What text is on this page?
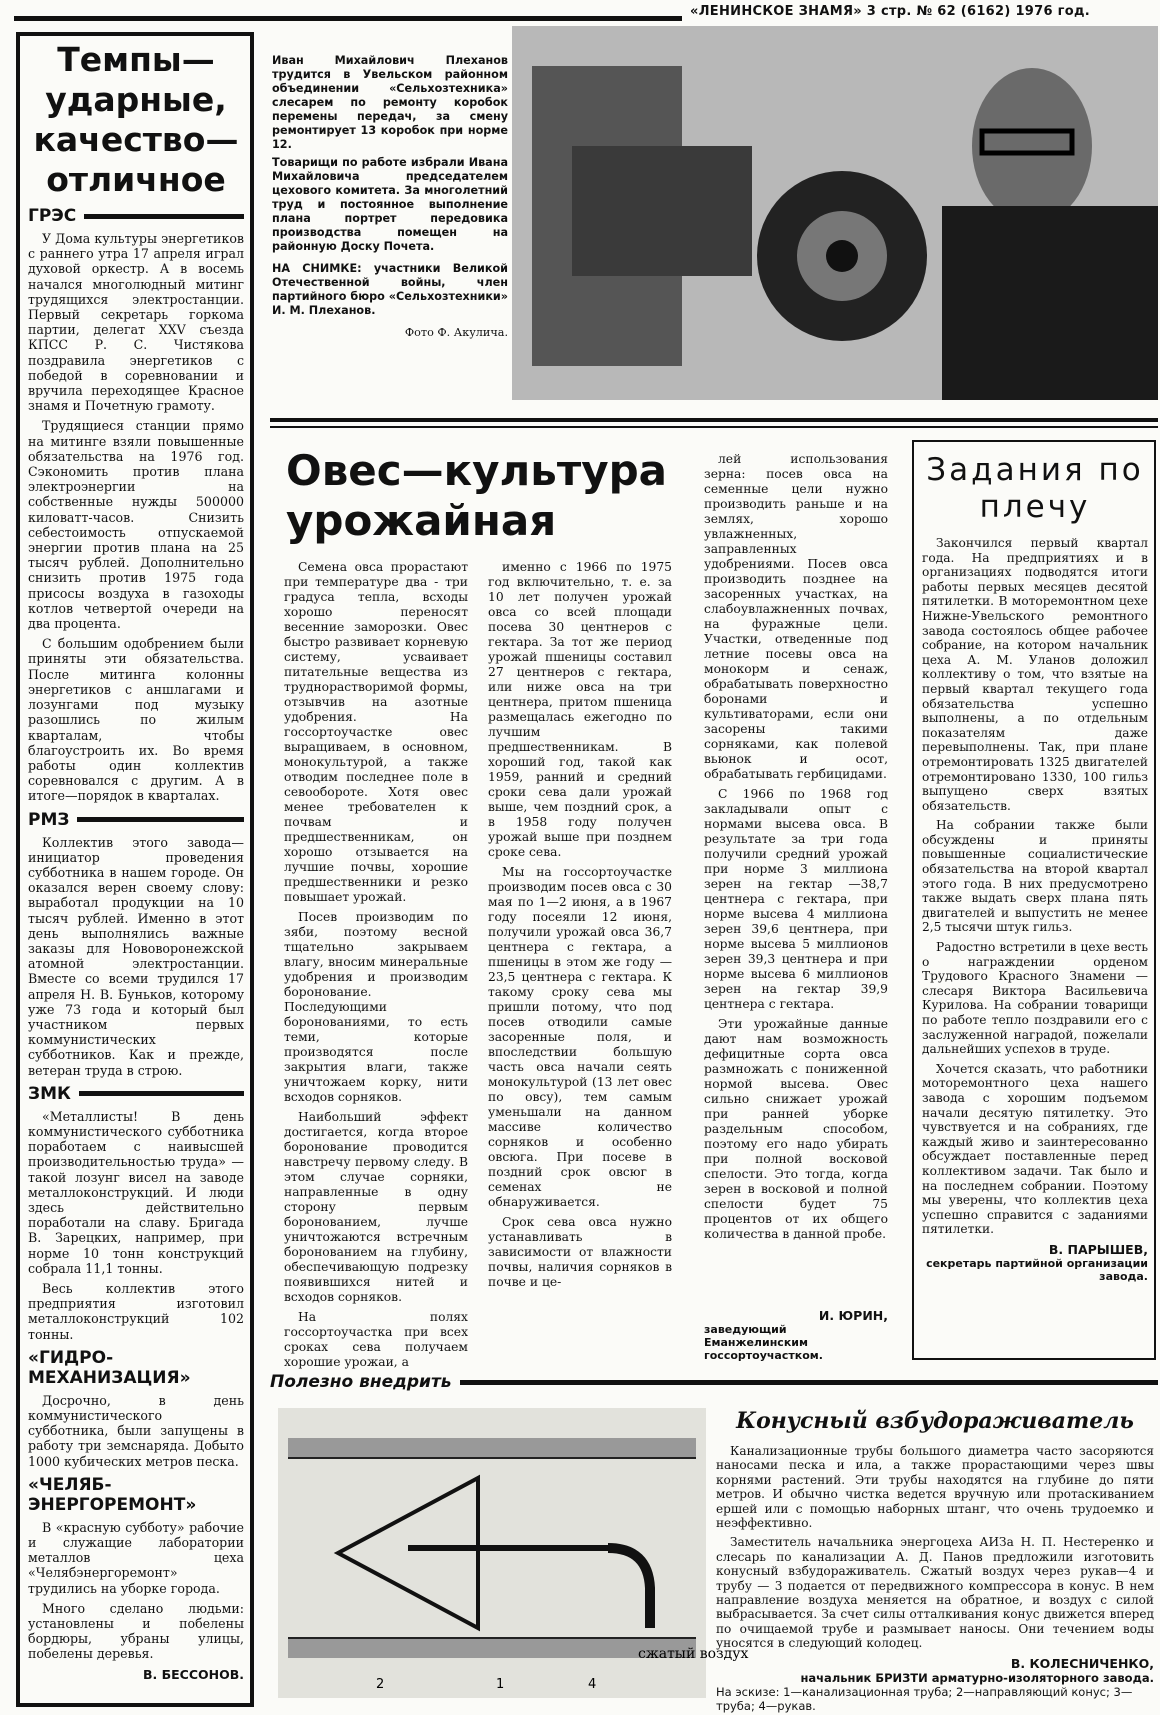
«ЛЕНИНСКОЕ ЗНАМЯ» 3 стр. № 62 (6162) 1976 год.
Темпы— ударные, качество— отличное
ГРЭС

У Дома культуры энергетиков с раннего утра 17 апреля играл духовой оркестр. А в восемь начался многолюдный митинг трудящихся электростанции. Первый секретарь горкома партии, делегат XXV съезда КПСС Р. С. Чистякова поздравила энергетиков с победой в соревновании и вручила переходящее Красное знамя и Почетную грамоту.

Трудящиеся станции прямо на митинге взяли повышенные обязательства на 1976 год. Сэкономить против плана электроэнергии на собственные нужды 500000 киловатт-часов. Снизить себестоимость отпускаемой энергии против плана на 25 тысяч рублей. Дополнительно снизить против 1975 года присосы воздуха в газоходы котлов четвертой очереди на два процента.

С большим одобрением были приняты эти обязательства. После митинга колонны энергетиков с аншлагами и лозунгами под музыку разошлись по жилым кварталам, чтобы благоустроить их. Во время работы один коллектив соревновался с другим. А в итоге—порядок в кварталах.

РМЗ

Коллектив этого завода— инициатор проведения субботника в нашем городе. Он оказался верен своему слову: выработал продукции на 10 тысяч рублей. Именно в этот день выполнялись важные заказы для Нововоронежской атомной электростанции. Вместе со всеми трудился 17 апреля Н. В. Буньков, которому уже 73 года и который был участником первых коммунистических субботников. Как и прежде, ветеран труда в строю.

ЗМК

«Металлисты! В день коммунистического субботника поработаем с наивысшей производительностью труда» — такой лозунг висел на заводе металлоконструкций. И люди здесь действительно поработали на славу. Бригада В. Зарецких, например, при норме 10 тонн конструкций собрала 11,1 тонны.

Весь коллектив этого предприятия изготовил металлоконструкций 102 тонны.

«ГИДРО- МЕХАНИЗАЦИЯ»

Досрочно, в день коммунистического субботника, были запущены в работу три земснаряда. Добыто 1000 кубических метров песка.

«ЧЕЛЯБ- ЭНЕРГОРЕМОНТ»

В «красную субботу» рабочие и служащие лаборатории металлов цеха «Челябэнергоремонт» трудились на уборке города.

Много сделано людьми: установлены и побелены бордюры, убраны улицы, побелены деревья.

В. БЕССОНОВ.

Иван Михайлович Плеханов трудится в Увельском районном объединении «Сельхозтехника» слесарем по ремонту коробок перемены передач, за смену ремонтирует 13 коробок при норме 12.

Товарищи по работе избрали Ивана Михайловича председателем цехового комитета. За многолетний труд и постоянное выполнение плана портрет передовика производства помещен на районную Доску Почета.

НА СНИМКЕ: участники Великой Отечественной войны, член партийного бюро «Сельхозтехники» И. М. Плеханов.

Фото Ф. Акулича.
Овес—культура урожайная

Семена овса прорастают при температуре два - три градуса тепла, всходы хорошо переносят весенние заморозки. Овес быстро развивает корневую систему, усваивает питательные вещества из труднорастворимой формы, отзывчив на азотные удобрения. На госсортоучастке овес выращиваем, в основном, монокультурой, а также отводим последнее поле в севообороте. Хотя овес менее требователен к почвам и предшественникам, он хорошо отзывается на лучшие почвы, хорошие предшественники и резко повышает урожай.

Посев производим по зяби, поэтому весной тщательно закрываем влагу, вносим минеральные удобрения и производим боронование. Последующими боронованиями, то есть теми, которые производятся после закрытия влаги, также уничтожаем корку, нити всходов сорняков.

Наибольший эффект достигается, когда второе боронование проводится навстречу первому следу. В этом случае сорняки, направленные в одну сторону первым боронованием, лучше уничтожаются встречным боронованием на глубину, обеспечивающую подрезку появившихся нитей и всходов сорняков.

На полях госсортоучастка при всех сроках сева получаем хорошие урожаи, а

именно с 1966 по 1975 год включительно, т. е. за 10 лет получен урожай овса со всей площади посева 30 центнеров с гектара. За тот же период урожай пшеницы составил 27 центнеров с гектара, или ниже овса на три центнера, притом пшеница размещалась ежегодно по лучшим предшественникам. В хороший год, такой как 1959, ранний и средний сроки сева дали урожай выше, чем поздний срок, а в 1958 году получен урожай выше при позднем сроке сева.

Мы на госсортоучастке производим посев овса с 30 мая по 1—2 июня, а в 1967 году посеяли 12 июня, получили урожай овса 36,7 центнера с гектара, а пшеницы в этом же году — 23,5 центнера с гектара. К такому сроку сева мы пришли потому, что под посев отводили самые засоренные поля, и впоследствии большую часть овса начали сеять монокультурой (13 лет овес по овсу), тем самым уменьшали на данном массиве количество сорняков и особенно овсюга. При посеве в поздний срок овсюг в семенах не обнаруживается.

Срок сева овса нужно устанавливать в зависимости от влажности почвы, наличия сорняков в почве и це-

лей использования зерна: посев овса на семенные цели нужно производить раньше и на землях, хорошо увлажненных, заправленных удобрениями. Посев овса производить позднее на засоренных участках, на слабоувлажненных почвах, на фуражные цели. Участки, отведенные под летние посевы овса на монокорм и сенаж, обрабатывать поверхностно боронами и культиваторами, если они засорены такими сорняками, как полевой вьюнок и осот, обрабатывать гербицидами.

С 1966 по 1968 год закладывали опыт с нормами высева овса. В результате за три года получили средний урожай при норме 3 миллиона зерен на гектар —38,7 центнера с гектара, при норме высева 4 миллиона зерен 39,6 центнера, при норме высева 5 миллионов зерен 39,3 центнера и при норме высева 6 миллионов зерен на гектар 39,9 центнера с гектара.

Эти урожайные данные дают нам возможность дефицитные сорта овса размножать с пониженной нормой высева. Овес сильно снижает урожай при ранней уборке раздельным способом, поэтому его надо убирать при полной восковой спелости. Это тогда, когда зерен в восковой и полной спелости будет 75 процентов от их общего количества в данной пробе.

И. ЮРИН,
заведующий Еманжелинским госсортоучастком.
Задания по плечу

Закончился первый квартал года. На предприятиях и в организациях подводятся итоги работы первых месяцев десятой пятилетки. В моторемонтном цехе Нижне-Увельского ремонтного завода состоялось общее рабочее собрание, на котором начальник цеха А. М. Уланов доложил коллективу о том, что взятые на первый квартал текущего года обязательства успешно выполнены, а по отдельным показателям даже перевыполнены. Так, при плане отремонтировать 1325 двигателей отремонтировано 1330, 100 гильз выпущено сверх взятых обязательств.

На собрании также были обсуждены и приняты повышенные социалистические обязательства на второй квартал этого года. В них предусмотрено также выдать сверх плана пять двигателей и выпустить не менее 2,5 тысячи штук гильз.

Радостно встретили в цехе весть о награждении орденом Трудового Красного Знамени — слесаря Виктора Васильевича Курилова. На собрании товарищи по работе тепло поздравили его с заслуженной наградой, пожелали дальнейших успехов в труде.

Хочется сказать, что работники моторемонтного цеха нашего завода с хорошим подъемом начали десятую пятилетку. Это чувствуется и на собраниях, где каждый живо и заинтересованно обсуждает поставленные перед коллективом задачи. Так было и на последнем собрании. Поэтому мы уверены, что коллектив цеха успешно справится с заданиями пятилетки.

В. ПАРЫШЕВ,
секретарь партийной организации завода.
Полезно внедрить
сжатый воздух
2	1	4
Конусный взбудораживатель

Канализационные трубы большого диаметра часто засоряются наносами песка и ила, а также прорастающими через швы корнями растений. Эти трубы находятся на глубине до пяти метров. И обычно чистка ведется вручную или протаскиванием ершей или с помощью наборных штанг, что очень трудоемко и неэффективно.

Заместитель начальника энергоцеха АИЗа Н. П. Нестеренко и слесарь по канализации А. Д. Панов предложили изготовить конусный взбудораживатель. Сжатый воздух через рукав—4 и трубу — 3 подается от передвижного компрессора в конус. В нем направление воздуха меняется на обратное, и воздух с силой выбрасывается. За счет силы отталкивания конус движется вперед по очищаемой трубе и размывает наносы. Они течением воды уносятся в следующий колодец.

В. КОЛЕСНИЧЕНКО,
начальник БРИЗТИ арматурно-изоляторного завода.
На эскизе: 1—канализационная труба; 2—направляющий конус; 3—труба; 4—рукав.
